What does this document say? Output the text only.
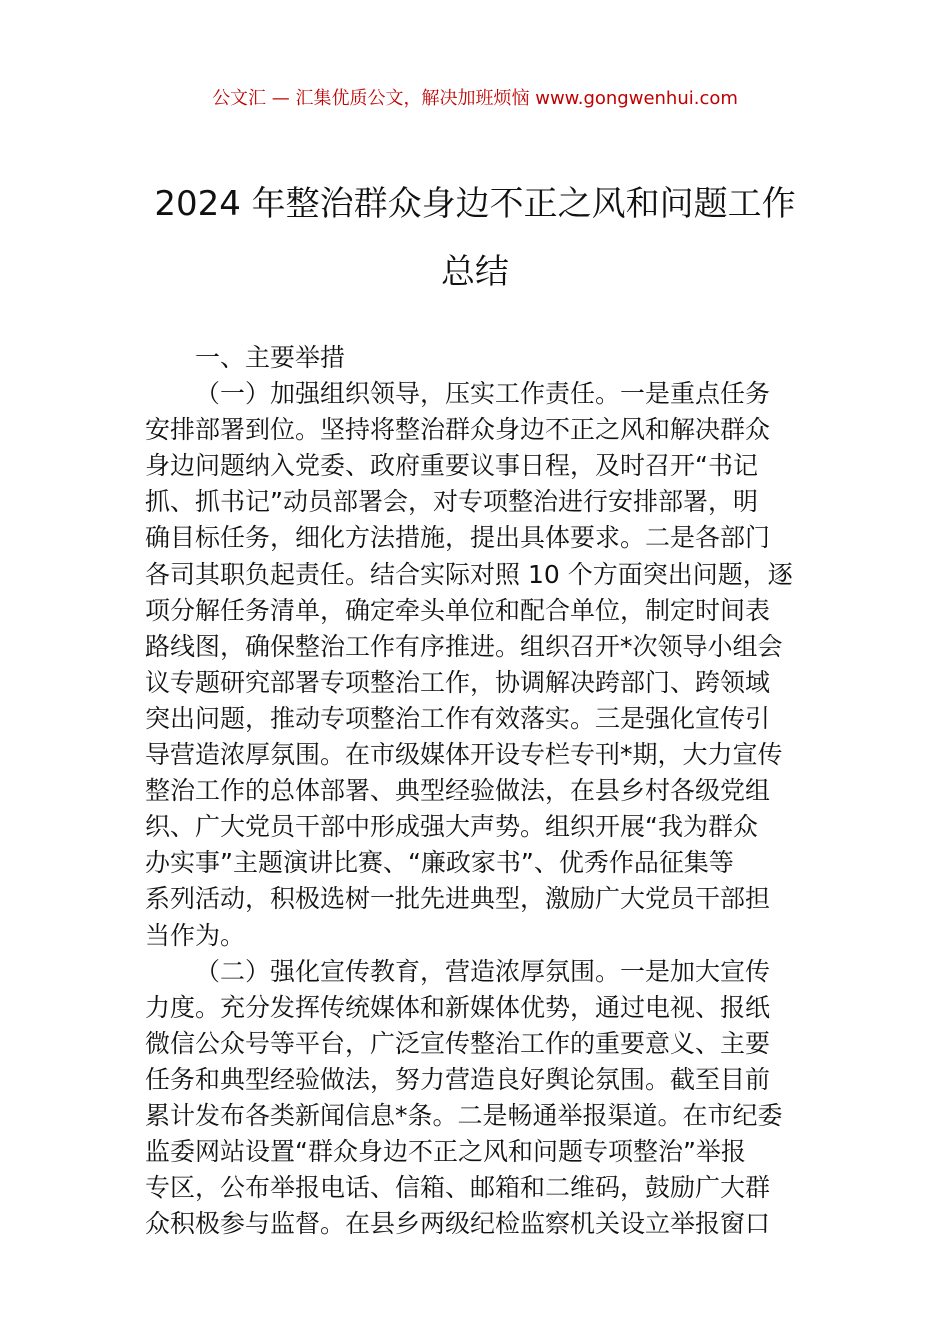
公文汇 — 汇集优质公文，解决加班烦恼 www.gongwenhui.com
2024 年整治群众身边不正之风和问题工作
总结
一、主要举措
（一）加强组织领导，压实工作责任。一是重点任务
安排部署到位。坚持将整治群众身边不正之风和解决群众
身边问题纳入党委、政府重要议事日程，及时召开“书记
抓、抓书记”动员部署会，对专项整治进行安排部署，明
确目标任务，细化方法措施，提出具体要求。二是各部门
各司其职负起责任。结合实际对照 10 个方面突出问题，逐
项分解任务清单，确定牵头单位和配合单位，制定时间表
路线图，确保整治工作有序推进。组织召开*次领导小组会
议专题研究部署专项整治工作，协调解决跨部门、跨领域
突出问题，推动专项整治工作有效落实。三是强化宣传引
导营造浓厚氛围。在市级媒体开设专栏专刊*期，大力宣传
整治工作的总体部署、典型经验做法，在县乡村各级党组
织、广大党员干部中形成强大声势。组织开展“我为群众
办实事”主题演讲比赛、“廉政家书”、优秀作品征集等
系列活动，积极选树一批先进典型，激励广大党员干部担
当作为。
（二）强化宣传教育，营造浓厚氛围。一是加大宣传
力度。充分发挥传统媒体和新媒体优势，通过电视、报纸
微信公众号等平台，广泛宣传整治工作的重要意义、主要
任务和典型经验做法，努力营造良好舆论氛围。截至目前
累计发布各类新闻信息*条。二是畅通举报渠道。在市纪委
监委网站设置“群众身边不正之风和问题专项整治”举报
专区，公布举报电话、信箱、邮箱和二维码，鼓励广大群
众积极参与监督。在县乡两级纪检监察机关设立举报窗口
